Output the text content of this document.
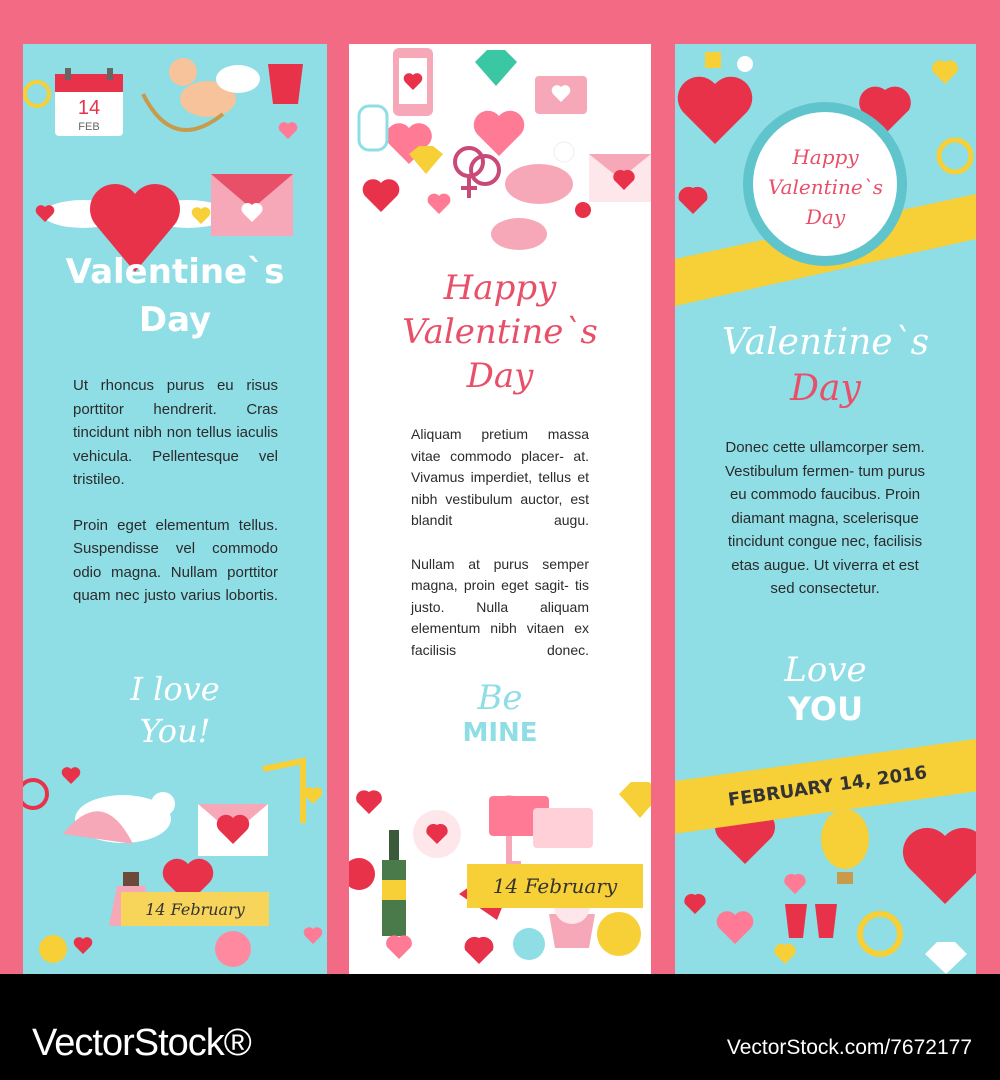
14
FEB
Valentine`s
Day

Ut rhoncus purus eu risus porttitor hendrerit. Cras tincidunt nibh non tellus iaculis vehicula. Pellentesque vel tristileo.

Proin eget elementum tellus. Suspendisse vel commodo odio magna. Nullam porttitor quam nec justo varius lobortis.

I love
You!
14 February
Happy
Valentine`s
Day

Aliquam pretium massa vitae commodo placer- at. Vivamus imperdiet, tellus et nibh vestibulum auctor, est blandit augu.

Nullam at purus semper magna, proin eget sagit- tis justo. Nulla aliquam elementum nibh vitaen ex facilisis donec.

Be
MINE
14 February
Happy
Valentine`s
Day
Valentine`s
Day

Donec cette ullamcorper sem. Vestibulum fermen- tum purus eu commodo faucibus. Proin diamant magna, scelerisque tincidunt congue nec, facilisis etas augue. Ut viverra et est sed consectetur.

Love
YOU
FEBRUARY 14, 2016
VectorStock®	VectorStock.com/7672177
